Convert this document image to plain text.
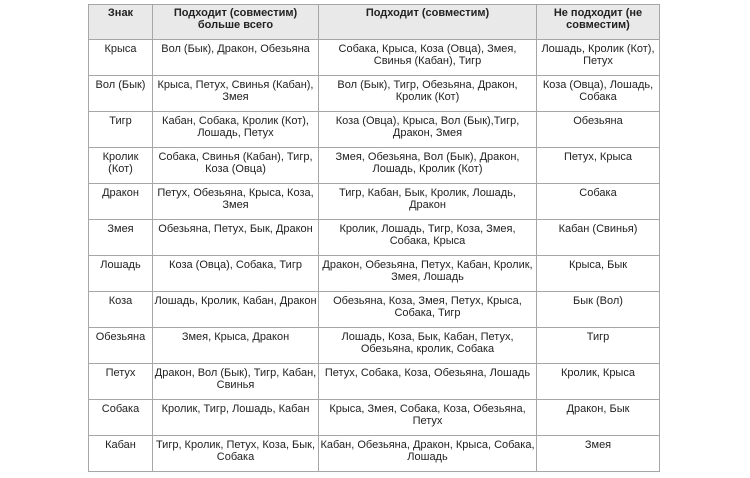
Знак	Подходит (совместим) больше всего	Подходит (совместим)	Не подходит (не совместим)
Крыса	Вол (Бык), Дракон, Обезьяна	Собака, Крыса, Коза (Овца), Змея, Свинья (Кабан), Тигр	Лошадь, Кролик (Кот), Петух
Вол (Бык)	Крыса, Петух, Свинья (Кабан), Змея	Вол (Бык), Тигр, Обезьяна, Дракон, Кролик (Кот)	Коза (Овца), Лошадь, Собака
Тигр	Кабан, Собака, Кролик (Кот), Лошадь, Петух	Коза (Овца), Крыса, Вол (Бык),Тигр, Дракон, Змея	Обезьяна
Кролик (Кот)	Собака, Свинья (Кабан), Тигр, Коза (Овца)	Змея, Обезьяна, Вол (Бык), Дракон, Лошадь, Кролик (Кот)	Петух, Крыса
Дракон	Петух, Обезьяна, Крыса, Коза, Змея	Тигр, Кабан, Бык, Кролик, Лошадь, Дракон	Собака
Змея	Обезьяна, Петух, Бык, Дракон	Кролик, Лошадь, Тигр, Коза, Змея, Собака, Крыса	Кабан (Свинья)
Лошадь	Коза (Овца), Собака, Тигр	Дракон, Обезьяна, Петух, Кабан, Кролик, Змея, Лошадь	Крыса, Бык
Коза	Лошадь, Кролик, Кабан, Дракон	Обезьяна, Коза, Змея, Петух, Крыса, Собака, Тигр	Бык (Вол)
Обезьяна	Змея, Крыса, Дракон	Лошадь, Коза, Бык, Кабан, Петух, Обезьяна, кролик, Собака	Тигр
Петух	Дракон, Вол (Бык), Тигр, Кабан, Свинья	Петух, Собака, Коза, Обезьяна, Лошадь	Кролик, Крыса
Собака	Кролик, Тигр, Лошадь, Кабан	Крыса, Змея, Собака, Коза, Обезьяна, Петух	Дракон, Бык
Кабан	Тигр, Кролик, Петух, Коза, Бык, Собака	Кабан, Обезьяна, Дракон, Крыса, Собака, Лошадь	Змея
